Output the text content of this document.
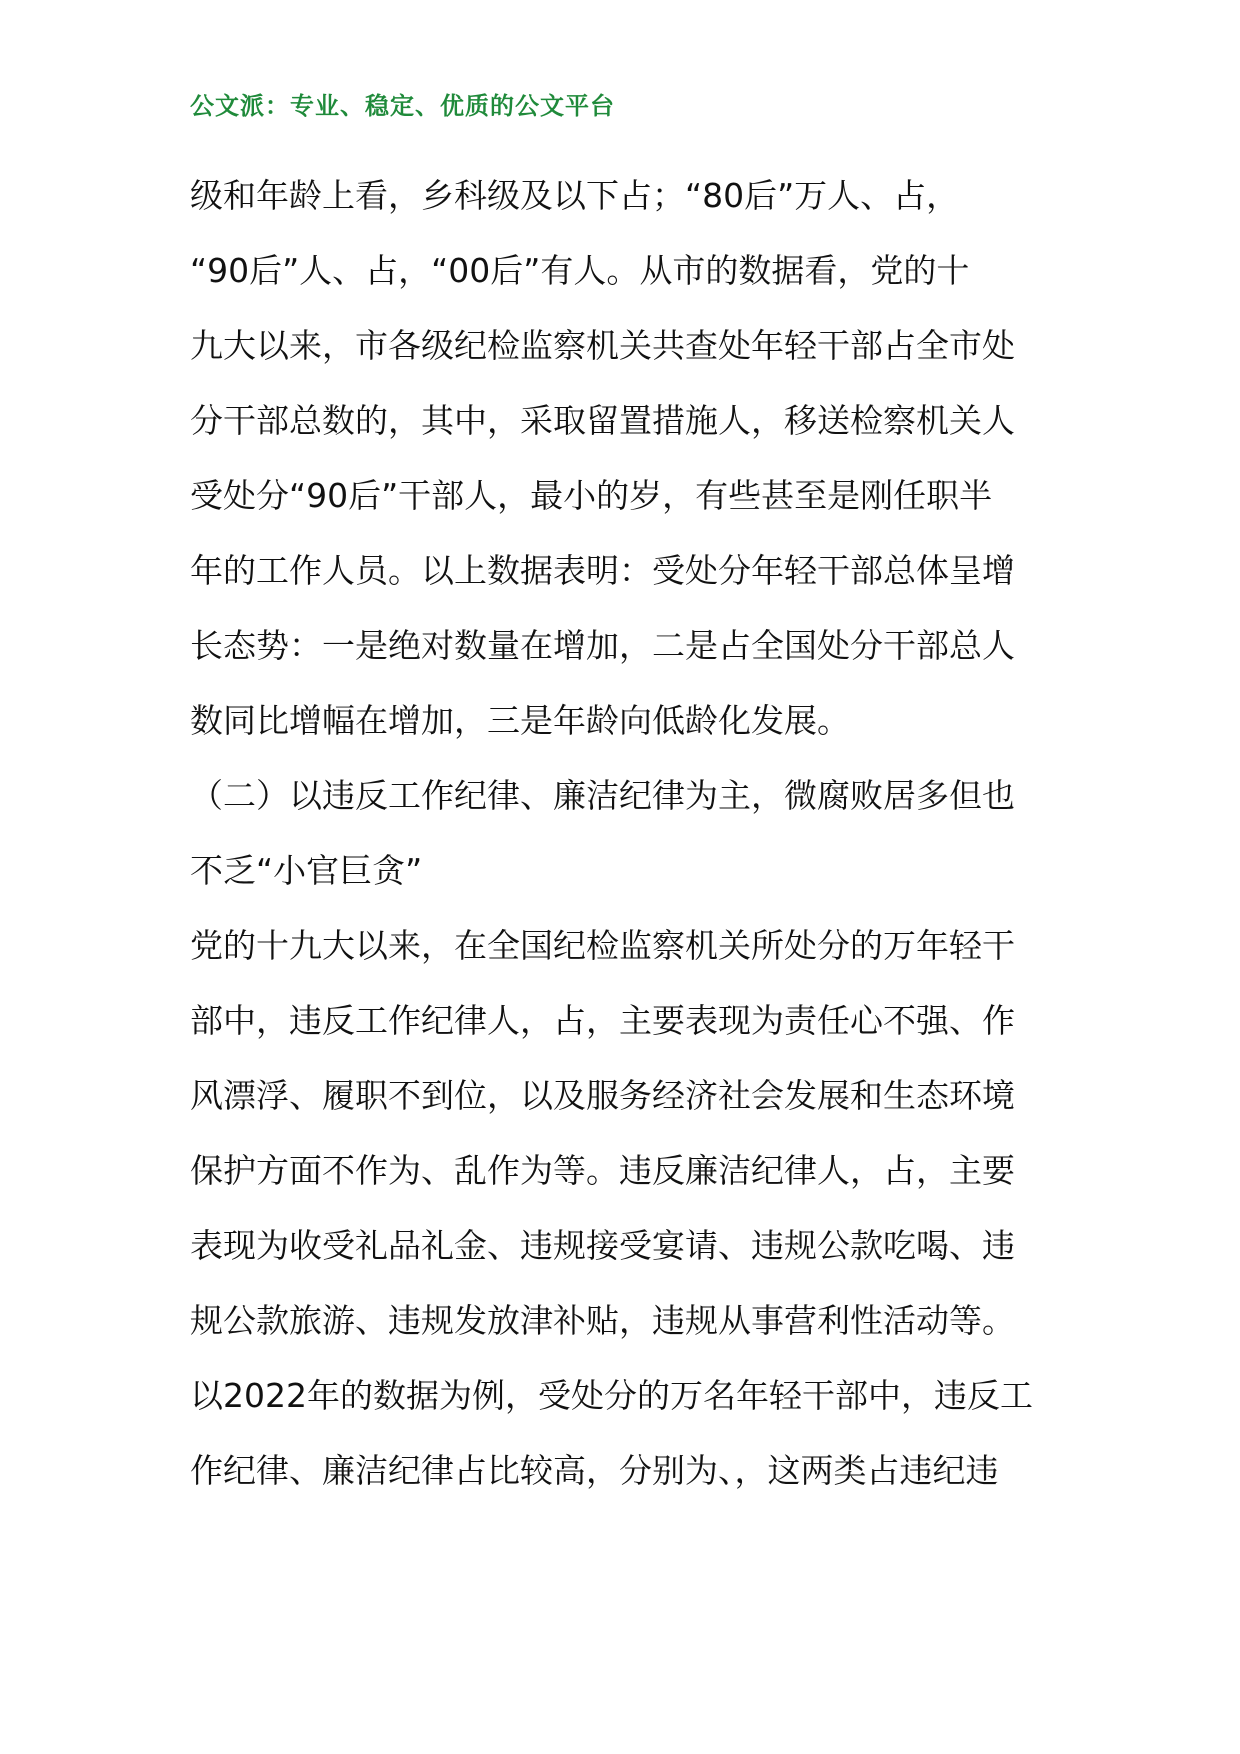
公文派：专业、稳定、优质的公文平台
级和年龄上看，乡科级及以下占；“80后”万人、占，
“90后”人、占，“00后”有人。从市的数据看，党的十
九大以来，市各级纪检监察机关共查处年轻干部占全市处
分干部总数的，其中，采取留置措施人，移送检察机关人
受处分“90后”干部人，最小的岁，有些甚至是刚任职半
年的工作人员。以上数据表明：受处分年轻干部总体呈增
长态势：一是绝对数量在增加，二是占全国处分干部总人
数同比增幅在增加，三是年龄向低龄化发展。
（二）以违反工作纪律、廉洁纪律为主，微腐败居多但也
不乏“小官巨贪”
党的十九大以来，在全国纪检监察机关所处分的万年轻干
部中，违反工作纪律人，占，主要表现为责任心不强、作
风漂浮、履职不到位，以及服务经济社会发展和生态环境
保护方面不作为、乱作为等。违反廉洁纪律人，占，主要
表现为收受礼品礼金、违规接受宴请、违规公款吃喝、违
规公款旅游、违规发放津补贴，违规从事营利性活动等。
以2022年的数据为例，受处分的万名年轻干部中，违反工
作纪律、廉洁纪律占比较高，分别为、，这两类占违纪违
